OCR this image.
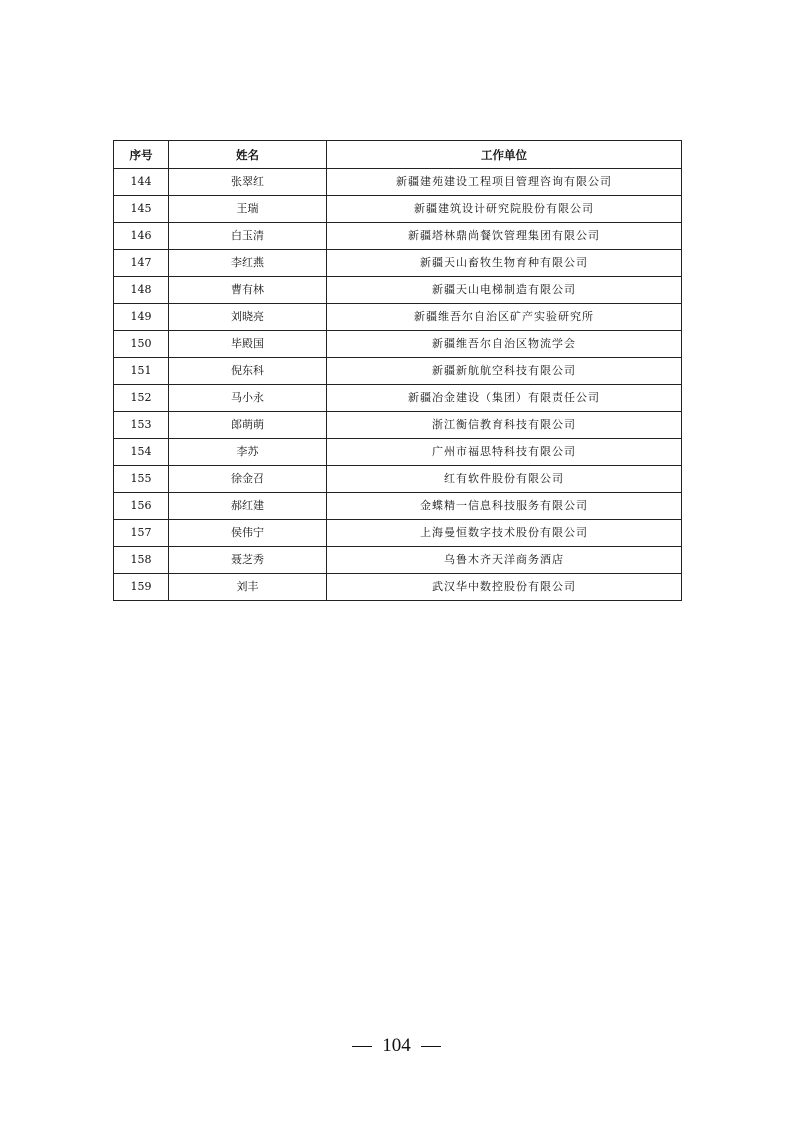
序号	姓名	工作单位
144	张翠红	新疆建苑建设工程项目管理咨询有限公司
145	王瑞	新疆建筑设计研究院股份有限公司
146	白玉清	新疆塔林鼎尚餐饮管理集团有限公司
147	李红燕	新疆天山畜牧生物育种有限公司
148	曹有林	新疆天山电梯制造有限公司
149	刘晓亮	新疆维吾尔自治区矿产实验研究所
150	毕殿国	新疆维吾尔自治区物流学会
151	倪东科	新疆新航航空科技有限公司
152	马小永	新疆冶金建设（集团）有限责任公司
153	郎萌萌	浙江衡信教育科技有限公司
154	李苏	广州市福思特科技有限公司
155	徐金召	红有软件股份有限公司
156	郝红建	金蝶精一信息科技服务有限公司
157	侯伟宁	上海曼恒数字技术股份有限公司
158	聂芝秀	乌鲁木齐天洋商务酒店
159	刘丰	武汉华中数控股份有限公司
104
